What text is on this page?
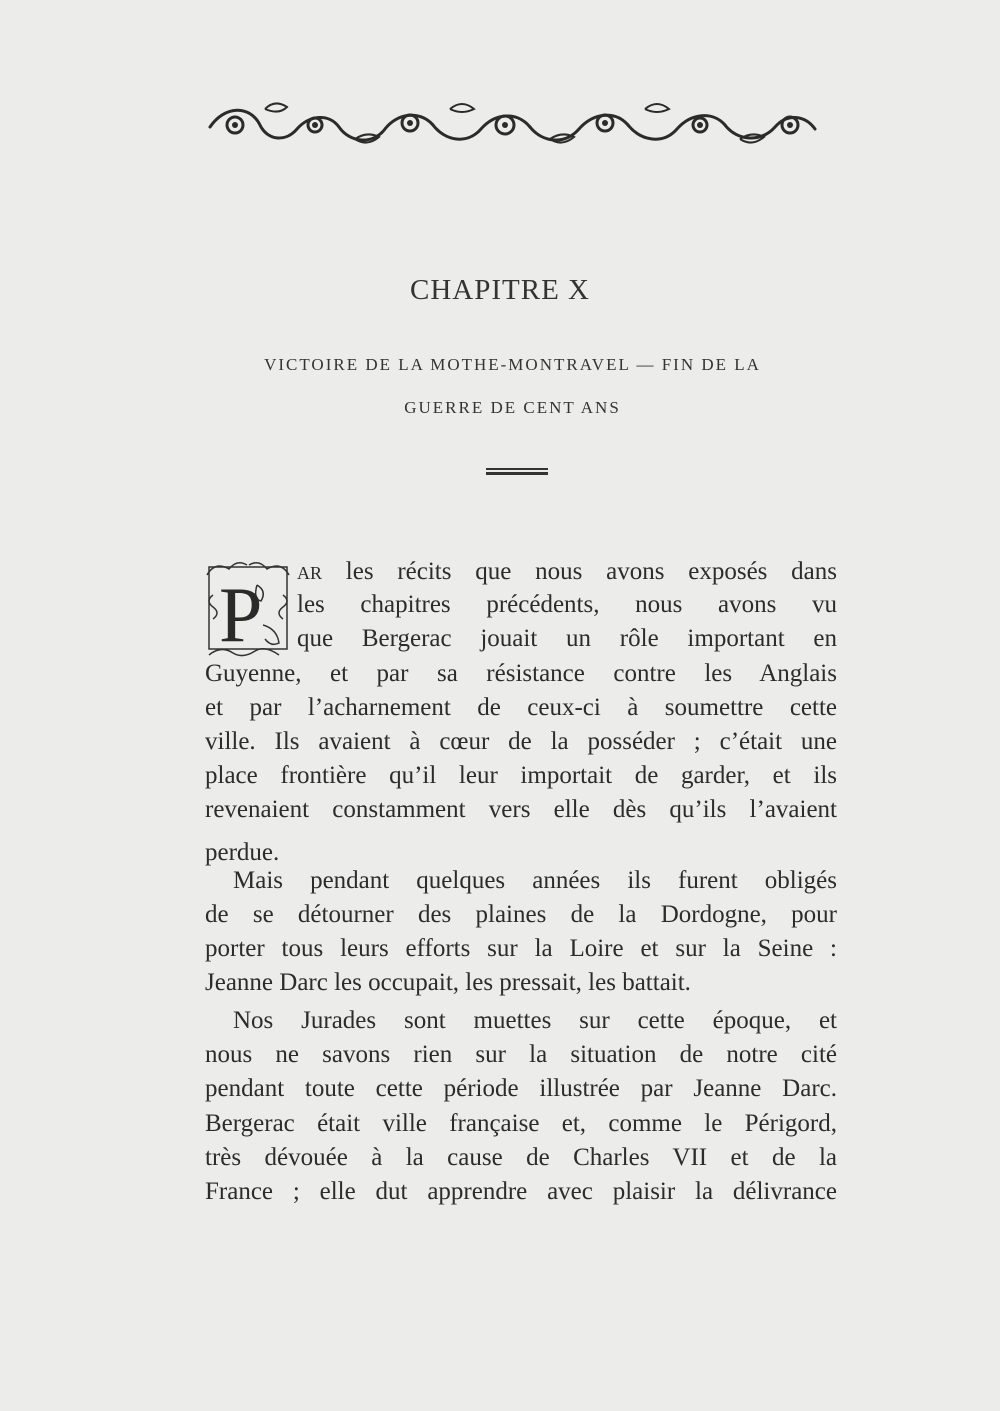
CHAPITRE X
VICTOIRE DE LA MOTHE-MONTRAVEL — FIN DE LA
GUERRE DE CENT ANS
P AR les récits que nous avons exposés dans
les chapitres précédents, nous avons vu
que Bergerac jouait un rôle important en
Guyenne, et par sa résistance contre les Anglais
et par l’acharnement de ceux-ci à soumettre cette
ville. Ils avaient à cœur de la posséder ; c’était une
place frontière qu’il leur importait de garder, et ils
revenaient constamment vers elle dès qu’ils l’avaient
perdue.
Mais pendant quelques années ils furent obligés
de se détourner des plaines de la Dordogne, pour
porter tous leurs efforts sur la Loire et sur la Seine :
Jeanne Darc les occupait, les pressait, les battait.
Nos Jurades sont muettes sur cette époque, et
nous ne savons rien sur la situation de notre cité
pendant toute cette période illustrée par Jeanne Darc.
Bergerac était ville française et, comme le Périgord,
très dévouée à la cause de Charles VII et de la
France ; elle dut apprendre avec plaisir la délivrance
